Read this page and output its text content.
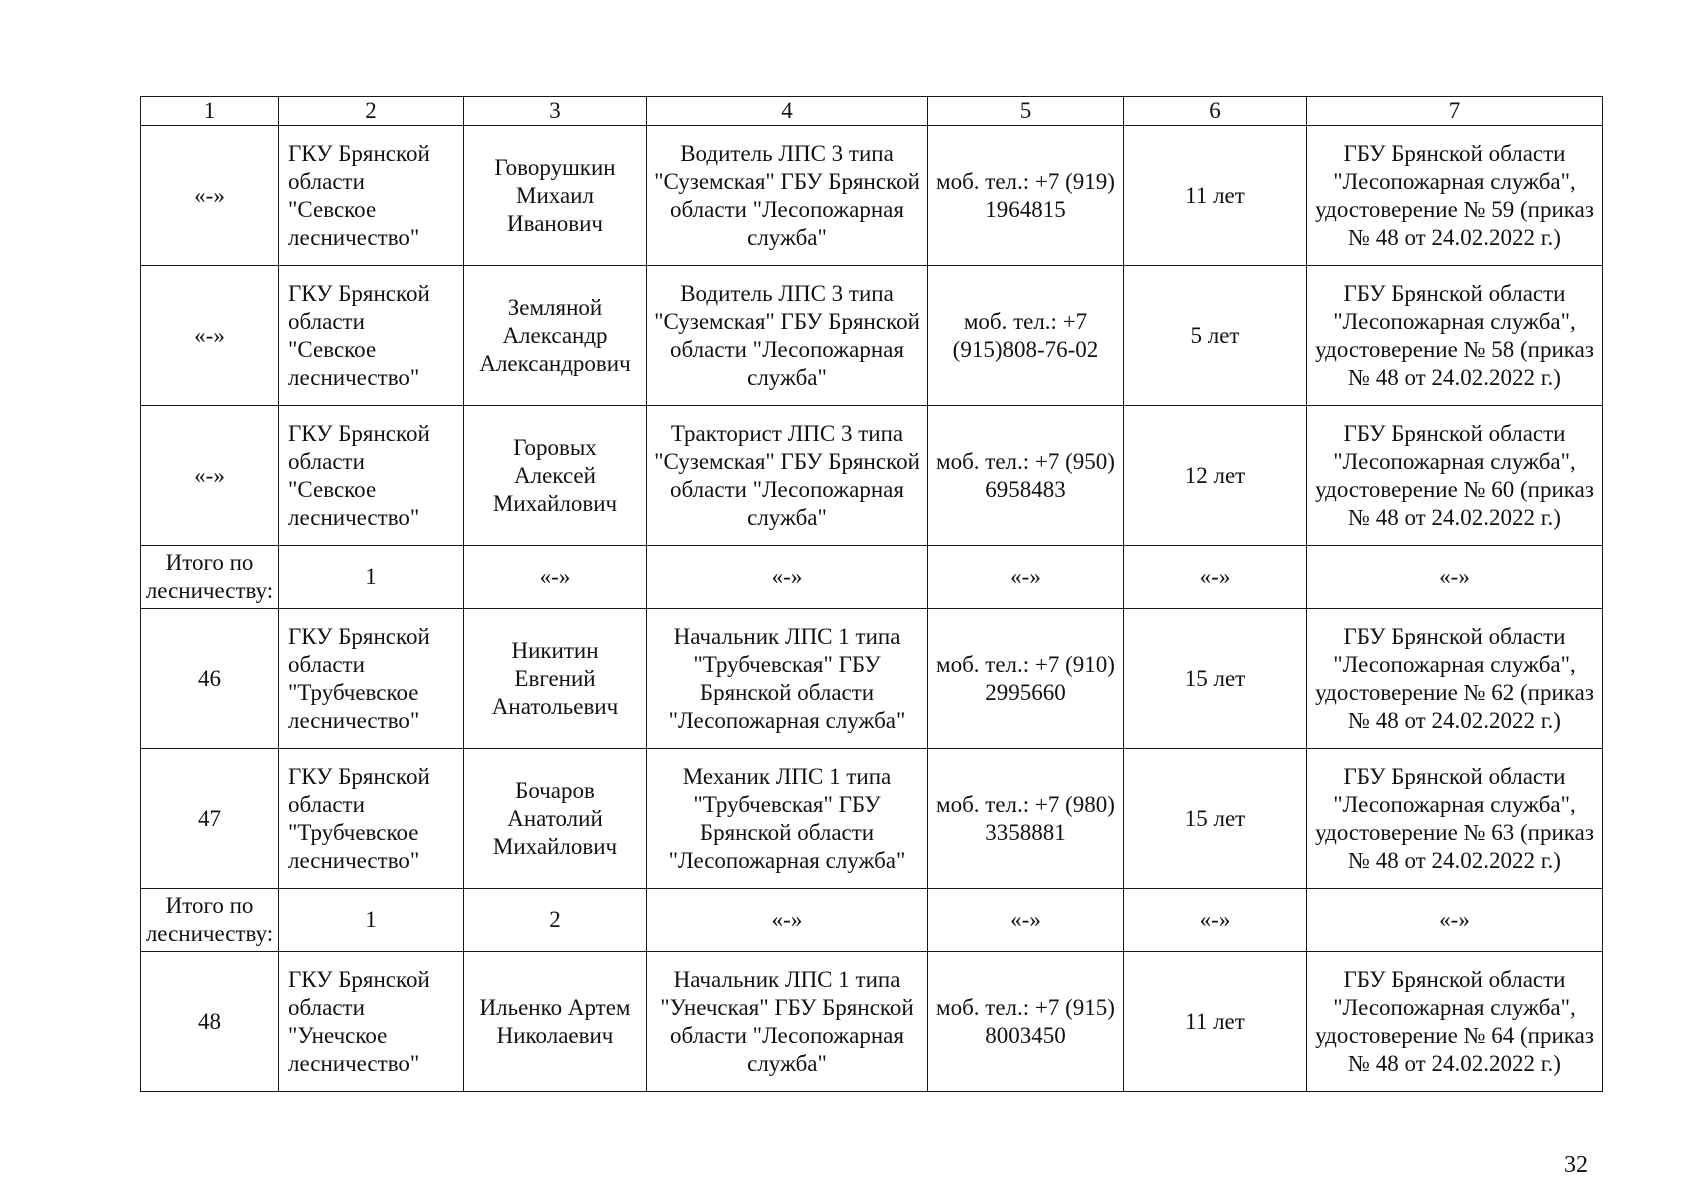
1	2	3	4	5	6	7
«-»	ГКУ Брянской области "Севское лесничество"	Говорушкин Михаил Иванович	Водитель ЛПС 3 типа "Суземская" ГБУ Брянской области "Лесопожарная служба"	моб. тел.: +7 (919) 1964815	11 лет	ГБУ Брянской области "Лесопожарная служба", удостоверение № 59 (приказ № 48 от 24.02.2022 г.)
«-»	ГКУ Брянской области "Севское лесничество"	Земляной Александр Александрович	Водитель ЛПС 3 типа "Суземская" ГБУ Брянской области "Лесопожарная служба"	моб. тел.: +7 (915)808-76-02	5 лет	ГБУ Брянской области "Лесопожарная служба", удостоверение № 58 (приказ № 48 от 24.02.2022 г.)
«-»	ГКУ Брянской области "Севское лесничество"	Горовых Алексей Михайлович	Тракторист ЛПС 3 типа "Суземская" ГБУ Брянской области "Лесопожарная служба"	моб. тел.: +7 (950) 6958483	12 лет	ГБУ Брянской области "Лесопожарная служба", удостоверение № 60 (приказ № 48 от 24.02.2022 г.)
Итого по лесничеству:	1	«-»	«-»	«-»	«-»	«-»
46	ГКУ Брянской области "Трубчевское лесничество"	Никитин Евгений Анатольевич	Начальник ЛПС 1 типа "Трубчевская" ГБУ Брянской области "Лесопожарная служба"	моб. тел.: +7 (910) 2995660	15 лет	ГБУ Брянской области "Лесопожарная служба", удостоверение № 62 (приказ № 48 от 24.02.2022 г.)
47	ГКУ Брянской области "Трубчевское лесничество"	Бочаров Анатолий Михайлович	Механик ЛПС 1 типа "Трубчевская" ГБУ Брянской области "Лесопожарная служба"	моб. тел.: +7 (980) 3358881	15 лет	ГБУ Брянской области "Лесопожарная служба", удостоверение № 63 (приказ № 48 от 24.02.2022 г.)
Итого по лесничеству:	1	2	«-»	«-»	«-»	«-»
48	ГКУ Брянской области "Унечское лесничество"	Ильенко Артем Николаевич	Начальник ЛПС 1 типа "Унечская" ГБУ Брянской области "Лесопожарная служба"	моб. тел.: +7 (915) 8003450	11 лет	ГБУ Брянской области "Лесопожарная служба", удостоверение № 64 (приказ № 48 от 24.02.2022 г.)
32
